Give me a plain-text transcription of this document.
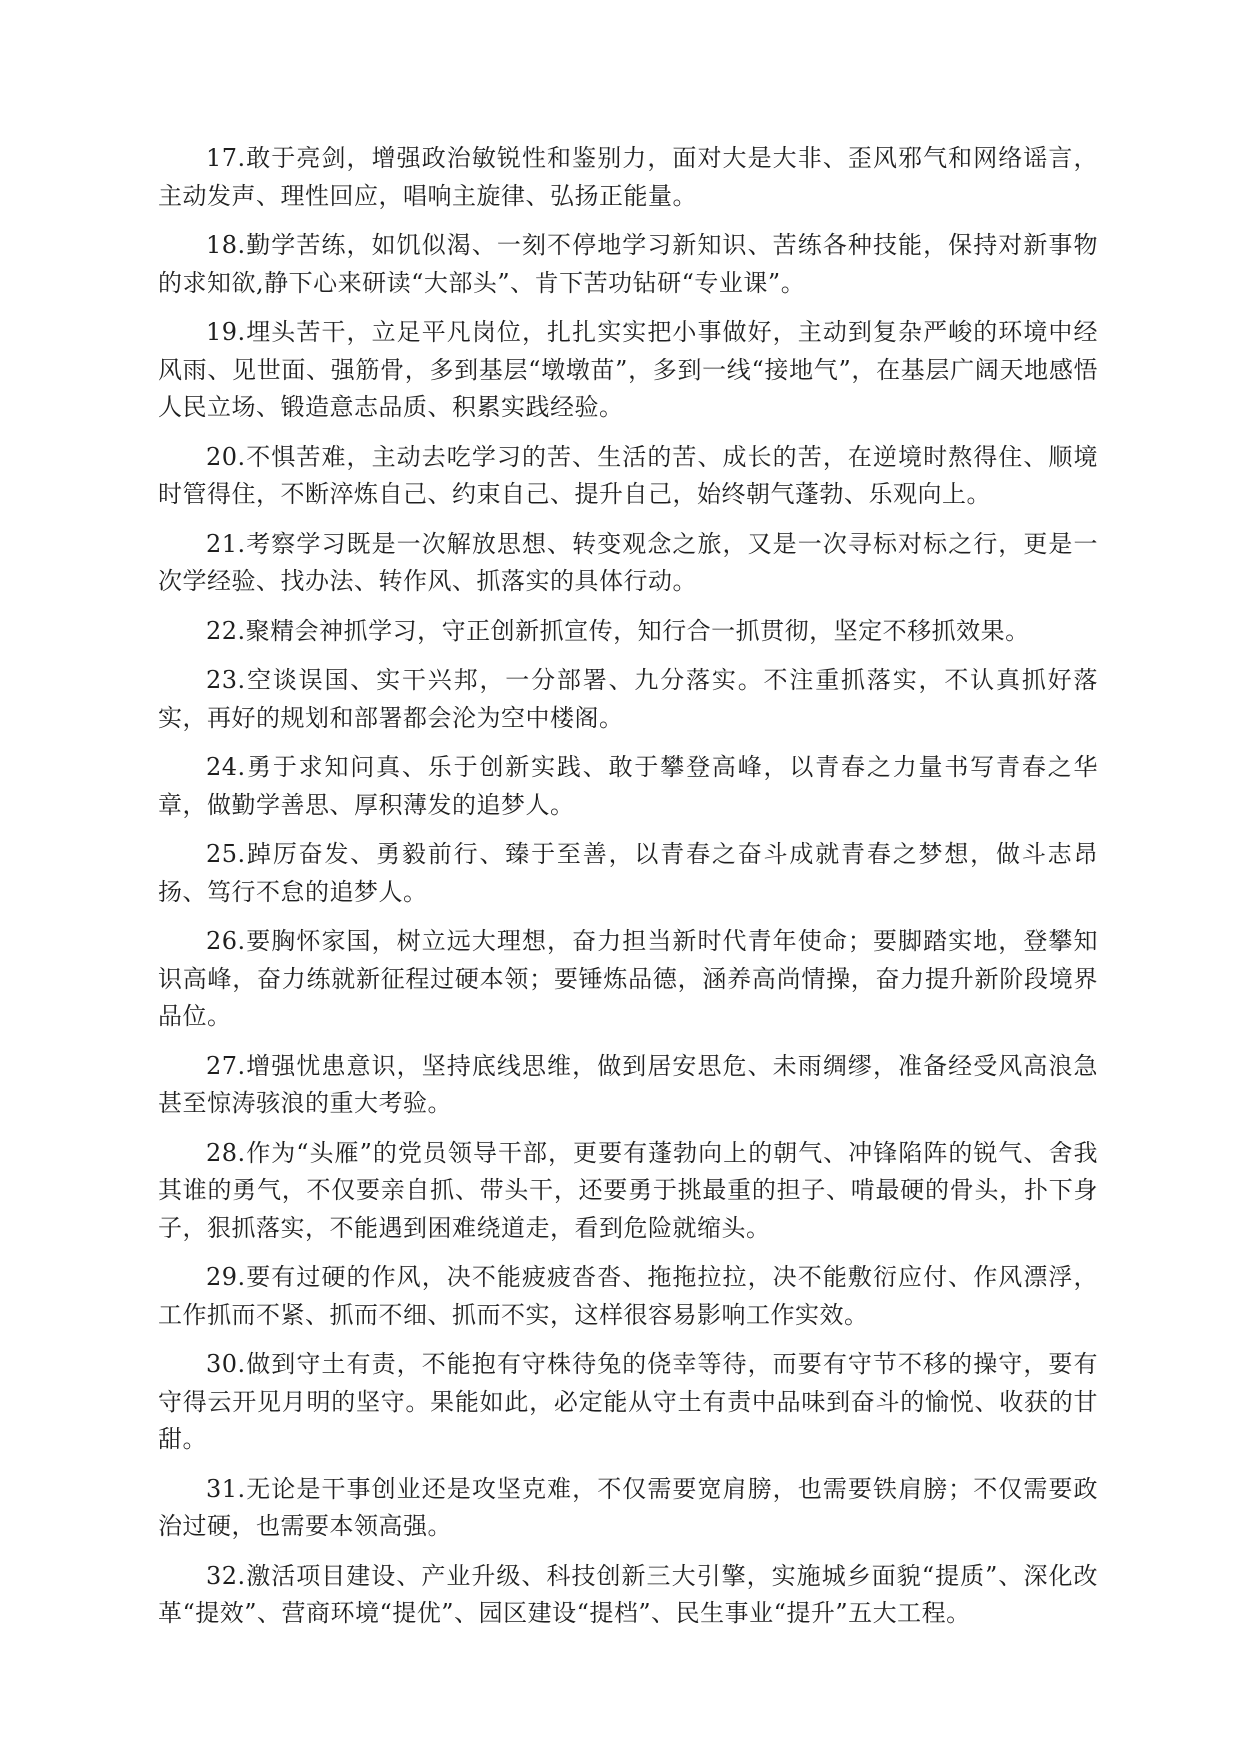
17.敢于亮剑，增强政治敏锐性和鉴别力，面对大是大非、歪风邪气和网络谣言，主动发声、理性回应，唱响主旋律、弘扬正能量。

18.勤学苦练，如饥似渴、一刻不停地学习新知识、苦练各种技能，保持对新事物的求知欲,静下心来研读“大部头”、肯下苦功钻研“专业课”。

19.埋头苦干，立足平凡岗位，扎扎实实把小事做好，主动到复杂严峻的环境中经风雨、见世面、强筋骨，多到基层“墩墩苗”，多到一线“接地气”，在基层广阔天地感悟人民立场、锻造意志品质、积累实践经验。

20.不惧苦难，主动去吃学习的苦、生活的苦、成长的苦，在逆境时熬得住、顺境时管得住，不断淬炼自己、约束自己、提升自己，始终朝气蓬勃、乐观向上。

21.考察学习既是一次解放思想、转变观念之旅，又是一次寻标对标之行，更是一次学经验、找办法、转作风、抓落实的具体行动。

22.聚精会神抓学习，守正创新抓宣传，知行合一抓贯彻，坚定不移抓效果。

23.空谈误国、实干兴邦，一分部署、九分落实。不注重抓落实，不认真抓好落实，再好的规划和部署都会沦为空中楼阁。

24.勇于求知问真、乐于创新实践、敢于攀登高峰，以青春之力量书写青春之华章，做勤学善思、厚积薄发的追梦人。

25.踔厉奋发、勇毅前行、臻于至善，以青春之奋斗成就青春之梦想，做斗志昂扬、笃行不怠的追梦人。

26.要胸怀家国，树立远大理想，奋力担当新时代青年使命；要脚踏实地，登攀知识高峰，奋力练就新征程过硬本领；要锤炼品德，涵养高尚情操，奋力提升新阶段境界品位。

27.增强忧患意识，坚持底线思维，做到居安思危、未雨绸缪，准备经受风高浪急甚至惊涛骇浪的重大考验。

28.作为“头雁”的党员领导干部，更要有蓬勃向上的朝气、冲锋陷阵的锐气、舍我其谁的勇气，不仅要亲自抓、带头干，还要勇于挑最重的担子、啃最硬的骨头，扑下身子，狠抓落实，不能遇到困难绕道走，看到危险就缩头。

29.要有过硬的作风，决不能疲疲沓沓、拖拖拉拉，决不能敷衍应付、作风漂浮，工作抓而不紧、抓而不细、抓而不实，这样很容易影响工作实效。

30.做到守土有责，不能抱有守株待兔的侥幸等待，而要有守节不移的操守，要有守得云开见月明的坚守。果能如此，必定能从守土有责中品味到奋斗的愉悦、收获的甘甜。

31.无论是干事创业还是攻坚克难，不仅需要宽肩膀，也需要铁肩膀；不仅需要政治过硬，也需要本领高强。

32.激活项目建设、产业升级、科技创新三大引擎，实施城乡面貌“提质”、深化改革“提效”、营商环境“提优”、园区建设“提档”、民生事业“提升”五大工程。
